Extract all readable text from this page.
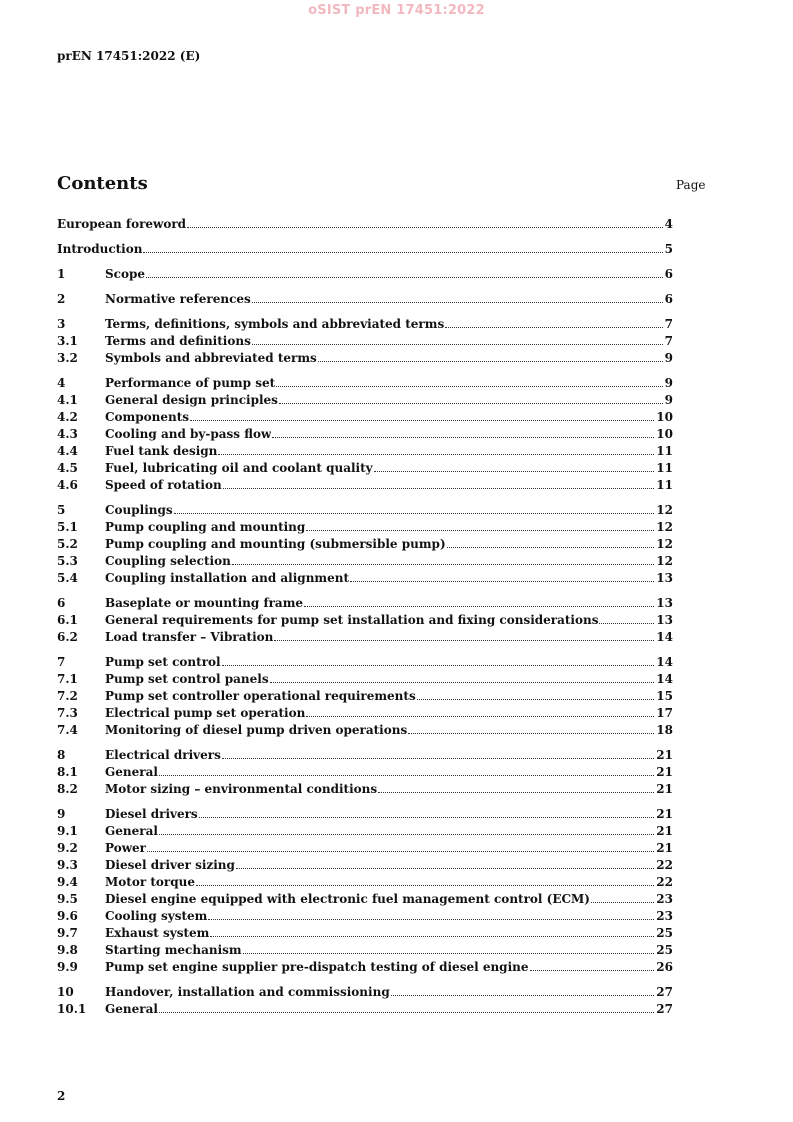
oSIST prEN 17451:2022
prEN 17451:2022 (E)
Contents	Page
European foreword	4
Introduction	5
1	Scope	6
2	Normative references	6
3	Terms, definitions, symbols and abbreviated terms	7
3.1	Terms and definitions	7
3.2	Symbols and abbreviated terms	9
4	Performance of pump set	9
4.1	General design principles	9
4.2	Components	10
4.3	Cooling and by-pass flow	10
4.4	Fuel tank design	11
4.5	Fuel, lubricating oil and coolant quality	11
4.6	Speed of rotation	11
5	Couplings	12
5.1	Pump coupling and mounting	12
5.2	Pump coupling and mounting (submersible pump)	12
5.3	Coupling selection	12
5.4	Coupling installation and alignment	13
6	Baseplate or mounting frame	13
6.1	General requirements for pump set installation and fixing considerations	13
6.2	Load transfer – Vibration	14
7	Pump set control	14
7.1	Pump set control panels	14
7.2	Pump set controller operational requirements	15
7.3	Electrical pump set operation	17
7.4	Monitoring of diesel pump driven operations	18
8	Electrical drivers	21
8.1	General	21
8.2	Motor sizing – environmental conditions	21
9	Diesel drivers	21
9.1	General	21
9.2	Power	21
9.3	Diesel driver sizing	22
9.4	Motor torque	22
9.5	Diesel engine equipped with electronic fuel management control (ECM)	23
9.6	Cooling system	23
9.7	Exhaust system	25
9.8	Starting mechanism	25
9.9	Pump set engine supplier pre-dispatch testing of diesel engine	26
10	Handover, installation and commissioning	27
10.1	General	27
2
